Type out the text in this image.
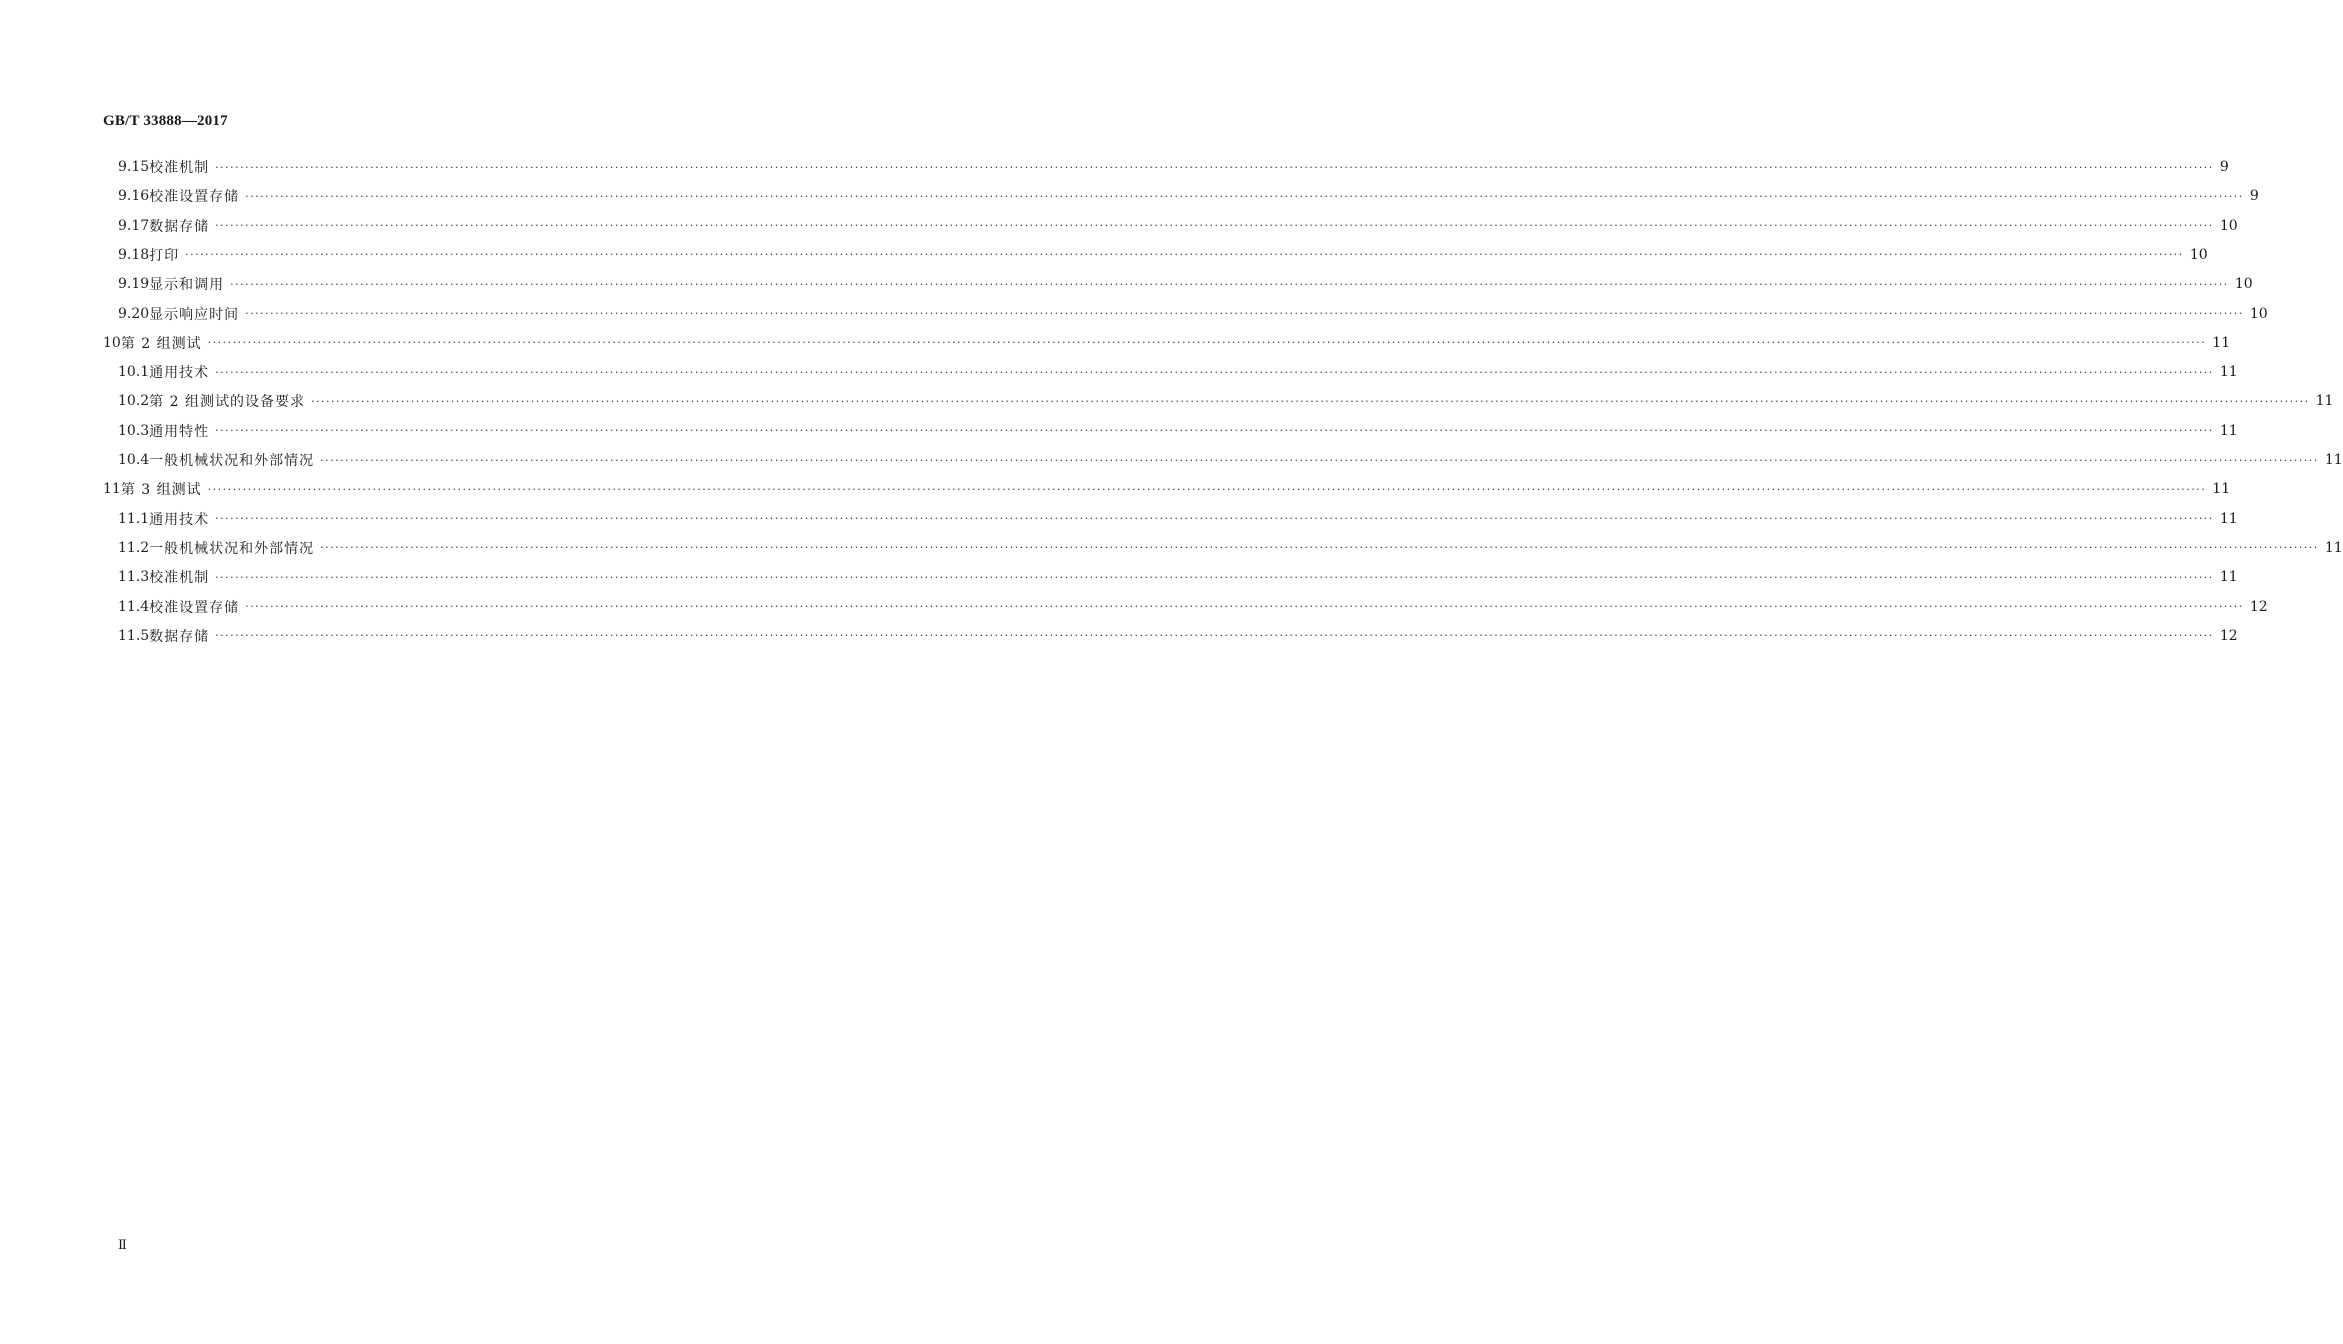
GB/T 33888—2017
9.15 校准机制 ················································································································································································································································································································································································································ 9
9.16 校准设置存储 ················································································································································································································································································································································································································ 9
9.17 数据存储 ················································································································································································································································································································································································································ 10
9.18 打印 ················································································································································································································································································································································································································ 10
9.19 显示和调用 ················································································································································································································································································································································································································ 10
9.20 显示响应时间 ················································································································································································································································································································································································································ 10
10 第 2 组测试 ················································································································································································································································································································································································································ 11
10.1 通用技术 ················································································································································································································································································································································································································ 11
10.2 第 2 组测试的设备要求 ················································································································································································································································································································································································································ 11
10.3 通用特性 ················································································································································································································································································································································································································ 11
10.4 一般机械状况和外部情况 ················································································································································································································································································································································································································ 11
11 第 3 组测试 ················································································································································································································································································································································································································ 11
11.1 通用技术 ················································································································································································································································································································································································································ 11
11.2 一般机械状况和外部情况 ················································································································································································································································································································································································································ 11
11.3 校准机制 ················································································································································································································································································································································································································ 11
11.4 校准设置存储 ················································································································································································································································································································································································································ 12
11.5 数据存储 ················································································································································································································································································································································································································ 12
Ⅱ
